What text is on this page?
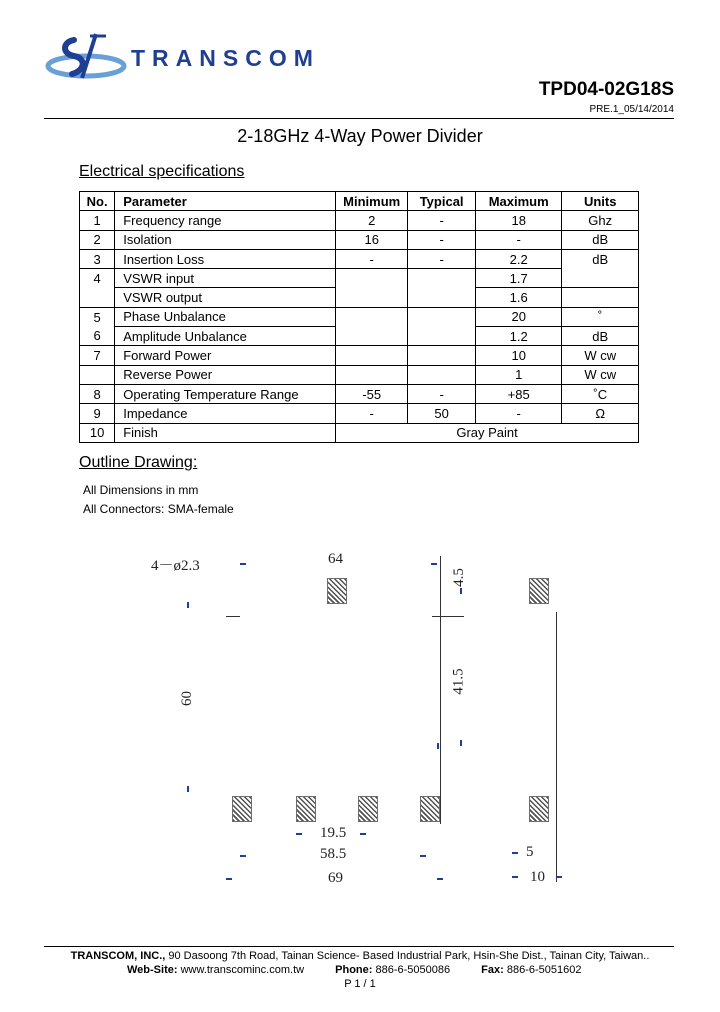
TRANSCOM
TPD04-02G18S
PRE.1_05/14/2014
2-18GHz 4-Way Power Divider
Electrical specifications
No.	Parameter	Minimum	Typical	Maximum	Units
1	Frequency range	2	-	18	Ghz
2	Isolation	16	-	-	dB
3	Insertion Loss	-	-	2.2	dB
4	VSWR input			1.7	
	VSWR output			1.6	
5	Phase Unbalance			20	˚
6	Amplitude Unbalance			1.2	dB
7	Forward Power			10	W cw
	Reverse Power			1	W cw
8	Operating Temperature Range	-55	-	+85	˚C
9	Impedance	-	50	-	Ω
10	Finish	Gray Paint			
Outline Drawing:
All Dimensions in mm
All Connectors: SMA-female
4－ø2.3	64
60
4.5
41.5
19.5
58.5
69
5
10
TRANSCOM, INC., 90 Dasoong 7th Road, Tainan Science- Based Industrial Park, Hsin-She Dist., Tainan City, Taiwan..
Web-Site: www.transcominc.com.tw	Phone: 886-6-5050086	Fax: 886-6-5051602
P 1 / 1
